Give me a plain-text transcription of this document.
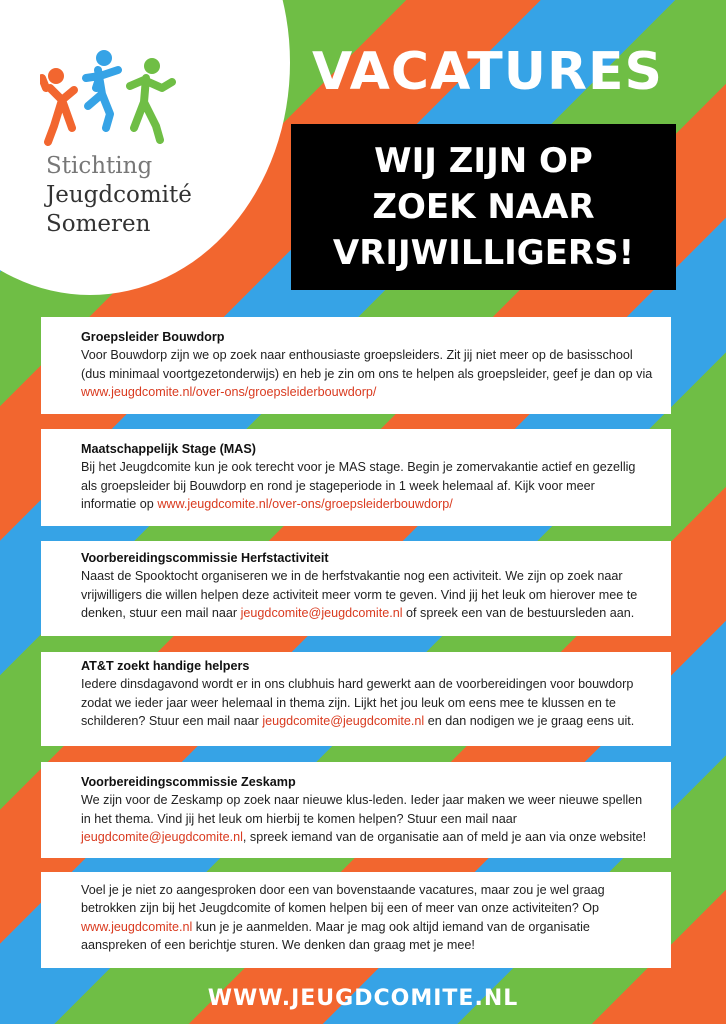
Stichting
Jeugdcomité
Someren
VACATURES
WIJ ZIJN OP
ZOEK NAAR
VRIJWILLIGERS!
Groepsleider Bouwdorp
Voor Bouwdorp zijn we op zoek naar enthousiaste groepsleiders. Zit jij niet meer op de basisschool (dus minimaal voortgezetonderwijs) en heb je zin om ons te helpen als groepsleider, geef je dan op via www.jeugdcomite.nl/over-ons/groepsleiderbouwdorp/
Maatschappelijk Stage (MAS)
Bij het Jeugdcomite kun je ook terecht voor je MAS stage. Begin je zomervakantie actief en gezellig als groepsleider bij Bouwdorp en rond je stageperiode in 1 week helemaal af. Kijk voor meer informatie op www.jeugdcomite.nl/over-ons/groepsleiderbouwdorp/
Voorbereidingscommissie Herfstactiviteit
Naast de Spooktocht organiseren we in de herfstvakantie nog een activiteit. We zijn op zoek naar vrijwilligers die willen helpen deze activiteit meer vorm te geven. Vind jij het leuk om hierover mee te denken, stuur een mail naar jeugdcomite@jeugdcomite.nl of spreek een van de bestuursleden aan.
AT&T zoekt handige helpers
Iedere dinsdagavond wordt er in ons clubhuis hard gewerkt aan de voorbereidingen voor bouwdorp zodat we ieder jaar weer helemaal in thema zijn. Lijkt het jou leuk om eens mee te klussen en te schilderen? Stuur een mail naar jeugdcomite@jeugdcomite.nl en dan nodigen we je graag eens uit.
Voorbereidingscommissie Zeskamp
We zijn voor de Zeskamp op zoek naar nieuwe klus-leden. Ieder jaar maken we weer nieuwe spellen in het thema. Vind jij het leuk om hierbij te komen helpen? Stuur een mail naar jeugdcomite@jeugdcomite.nl, spreek iemand van de organisatie aan of meld je aan via onze website!
Voel je je niet zo aangesproken door een van bovenstaande vacatures, maar zou je wel graag betrokken zijn bij het Jeugdcomite of komen helpen bij een of meer van onze activiteiten? Op www.jeugdcomite.nl kun je je aanmelden. Maar je mag ook altijd iemand van de organisatie aanspreken of een berichtje sturen. We denken dan graag met je mee!
WWW.JEUGDCOMITE.NL
